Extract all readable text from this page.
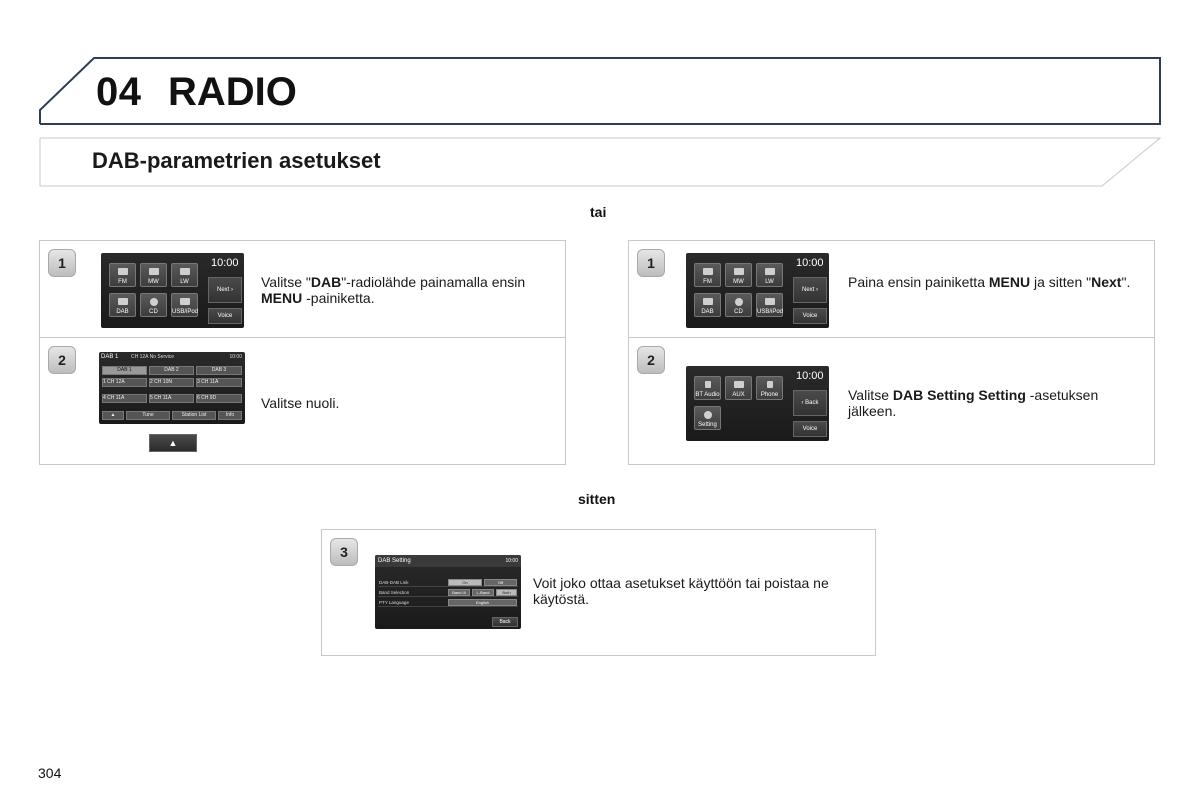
04 RADIO
DAB-parametrien asetukset
tai
sitten
1
FM	MW	LW
DAB	CD	USB/iPod
10:00
Next ›
Voice
Valitse "DAB"-radiolähde painamalla ensin MENU -painiketta.
2	DAB 1	CH 12A No Service	10:00
DAB 1	DAB 2	DAB 3
1 CH 12A	2 CH 10N	3 CH 11A
4 CH 11A	5 CH 11A	6 CH 9D
▲	Tune	Station List	Info
▲
Valitse nuoli.
1
FM	MW	LW
DAB	CD	USB/iPod
10:00
Next ›
Voice
Paina ensin painiketta MENU ja sitten "Next".
2
BT Audio	AUX	Phone
Setting
10:00
‹ Back
Voice
Valitse DAB Setting Setting -asetuksen jälkeen.
3
DAB Setting	10:00
DAB-DAB Link	On	Off
Band Selection	Band III	L-Band	Both
PTY Language	English
Back
Voit joko ottaa asetukset käyttöön tai poistaa ne käytöstä.
304
